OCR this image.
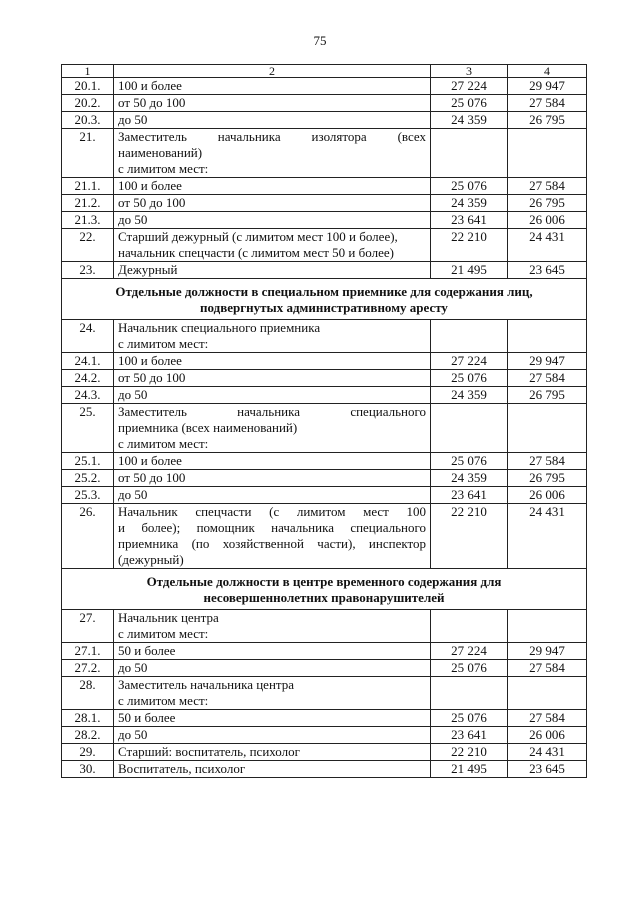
75
1	2	3	4
20.1.	100 и более	27 224	29 947
20.2.	от 50 до 100	25 076	27 584
20.3.	до 50	24 359	26 795
21.	Заместитель начальника изолятора (всех
наименований)
с лимитом мест:		

21.1.	100 и более	25 076	27 584
21.2.	от 50 до 100	24 359	26 795
21.3.	до 50	23 641	26 006
22.	Старший дежурный (с лимитом мест 100 и более),
начальник спецчасти (с лимитом мест 50 и более)	22 210	24 431
23.	Дежурный	21 495	23 645

Отдельные должности в специальном приемнике для содержания лиц,
подвергнутых административному аресту			

24.	Начальник специального приемника
с лимитом мест:		

24.1.	100 и более	27 224	29 947
24.2.	от 50 до 100	25 076	27 584
24.3.	до 50	24 359	26 795
25.	Заместитель начальника специального
приемника (всех наименований)
с лимитом мест:		

25.1.	100 и более	25 076	27 584
25.2.	от 50 до 100	24 359	26 795
25.3.	до 50	23 641	26 006
26.	Начальник спецчасти (с лимитом мест 100
и более); помощник начальника специального
приемника (по хозяйственной части), инспектор
(дежурный)	22 210	24 431

Отдельные должности в центре временного содержания для
несовершеннолетних правонарушителей			

27.	Начальник центра
с лимитом мест:		

27.1.	50 и более	27 224	29 947
27.2.	до 50	25 076	27 584
28.	Заместитель начальника центра
с лимитом мест:		

28.1.	50 и более	25 076	27 584
28.2.	до 50	23 641	26 006
29.	Старший: воспитатель, психолог	22 210	24 431
30.	Воспитатель, психолог	21 495	23 645
